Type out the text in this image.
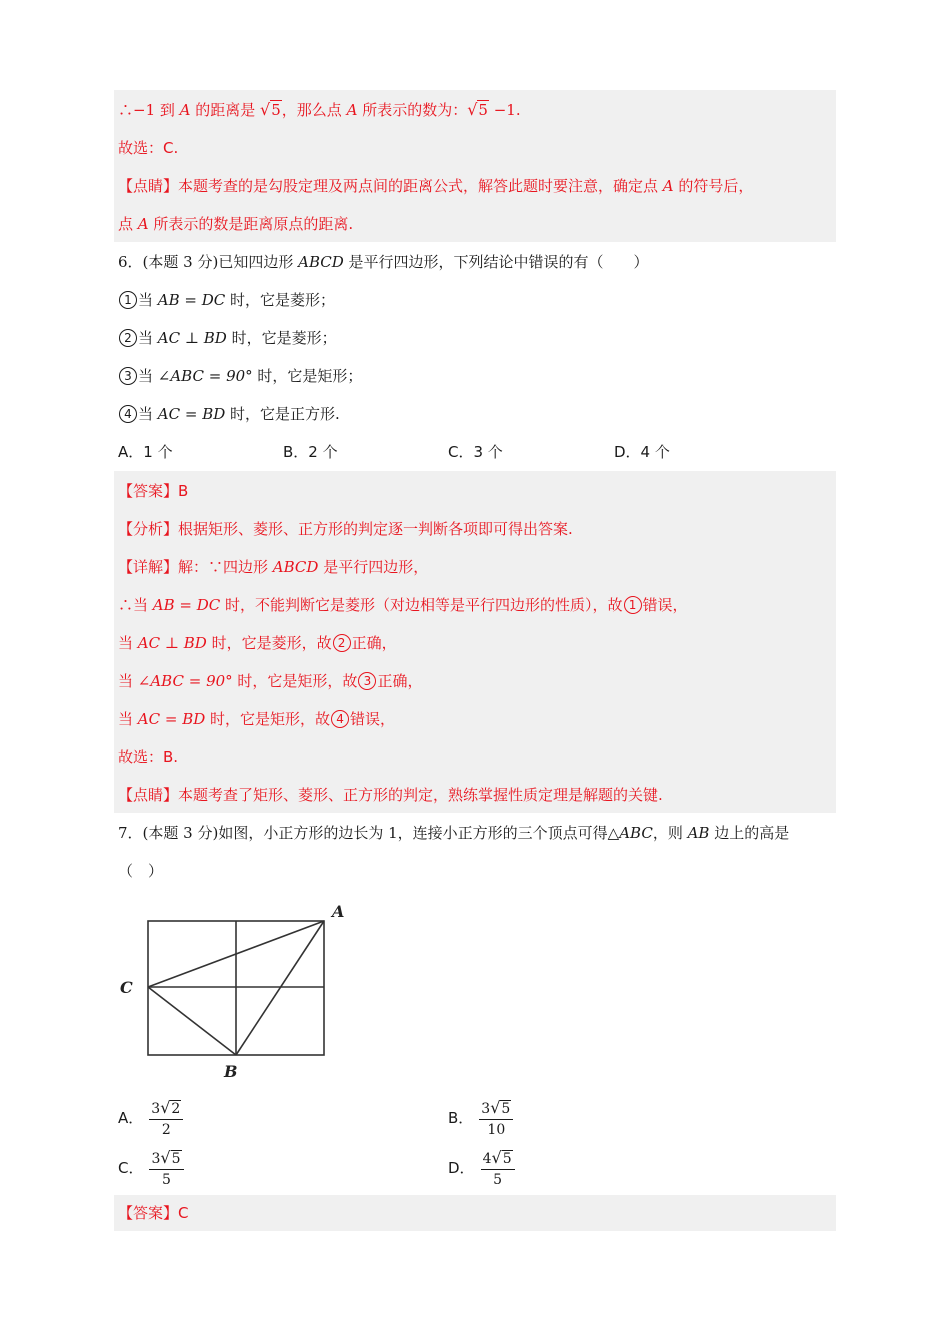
∴−1 到 A 的距离是 √5，那么点 A 所表示的数为：√5 −1.
故选：C.
【点睛】本题考查的是勾股定理及两点间的距离公式，解答此题时要注意，确定点 A 的符号后，
点 A 所表示的数是距离原点的距离.
6．(本题 3 分)已知四边形 ABCD 是平行四边形，下列结论中错误的有（　　）
1 当 AB = DC 时，它是菱形；
2 当 AC ⊥ BD 时，它是菱形；
3 当 ∠ABC = 90° 时，它是矩形；
4 当 AC = BD 时，它是正方形.
A．1 个	B．2 个	C．3 个	D．4 个
【答案】B
【分析】根据矩形、菱形、正方形的判定逐一判断各项即可得出答案.
【详解】解：∵四边形 ABCD 是平行四边形，
∴当 AB = DC 时，不能判断它是菱形（对边相等是平行四边形的性质），故 1 错误，
当 AC ⊥ BD 时，它是菱形，故 2 正确，
当 ∠ABC = 90° 时，它是矩形，故 3 正确，
当 AC = BD 时，它是矩形，故 4 错误，
故选：B.
【点睛】本题考查了矩形、菱形、正方形的判定，熟练掌握性质定理是解题的关键.
7．(本题 3 分)如图，小正方形的边长为 1，连接小正方形的三个顶点可得△ABC，则 AB 边上的高是
（　）
A
B
C
A． $\frac{3√2}{2}$	B． $\frac{3√5}{10}$
C． $\frac{3√5}{5}$	D． $\frac{4√5}{5}$
【答案】C
